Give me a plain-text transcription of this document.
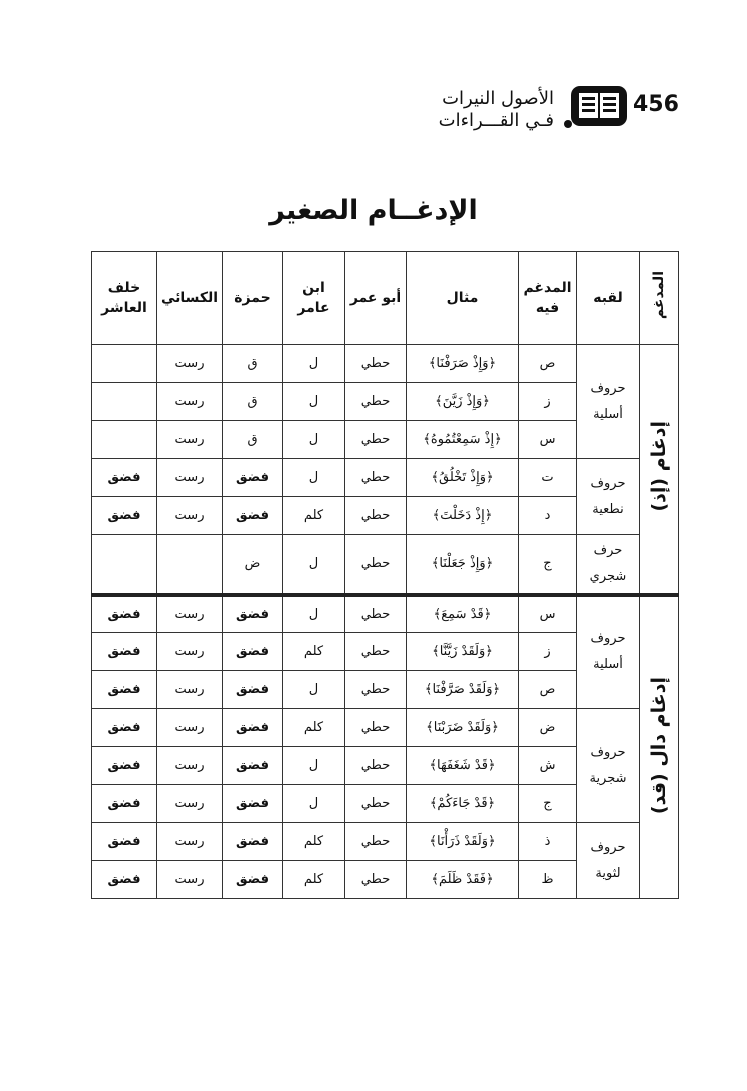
456
الأصول النيرات
فـي القـــراءات
الإدغــام الصغير
المدغم	لقبه	المدغم فيه	مثال	أبو عمر	ابن عامر	حمزة	الكسائي	خلف العاشر
إدغام (إذ)	حروف أسلية	ص	﴿وَإِذْ صَرَفْنَا﴾	حطي	ل	ق	رست	
		ز	﴿وَإِذْ زَيَّنَ﴾	حطي	ل	ق	رست	
		س	﴿إِذْ سَمِعْتُمُوهُ﴾	حطي	ل	ق	رست	
	حروف نطعية	ت	﴿وَإِذْ تَخْلُقُ﴾	حطي	ل	فضق	رست	فضق
		د	﴿إِذْ دَخَلْتَ﴾	حطي	كلم	فضق	رست	فضق
	حرف شجري	ج	﴿وَإِذْ جَعَلْنَا﴾	حطي	ل	ض		
إدغام دال (قد)	حروف أسلية	س	﴿قَدْ سَمِعَ﴾	حطي	ل	فضق	رست	فضق
		ز	﴿وَلَقَدْ زَيَّنَّا﴾	حطي	كلم	فضق	رست	فضق
		ص	﴿وَلَقَدْ صَرَّفْنَا﴾	حطي	ل	فضق	رست	فضق
	حروف شجرية	ض	﴿وَلَقَدْ ضَرَبْنَا﴾	حطي	كلم	فضق	رست	فضق
		ش	﴿قَدْ شَغَفَهَا﴾	حطي	ل	فضق	رست	فضق
		ج	﴿قَدْ جَاءَكُمْ﴾	حطي	ل	فضق	رست	فضق
	حروف لثوية	ذ	﴿وَلَقَدْ ذَرَأْنَا﴾	حطي	كلم	فضق	رست	فضق
		ظ	﴿فَقَدْ ظَلَمَ﴾	حطي	كلم	فضق	رست	فضق
